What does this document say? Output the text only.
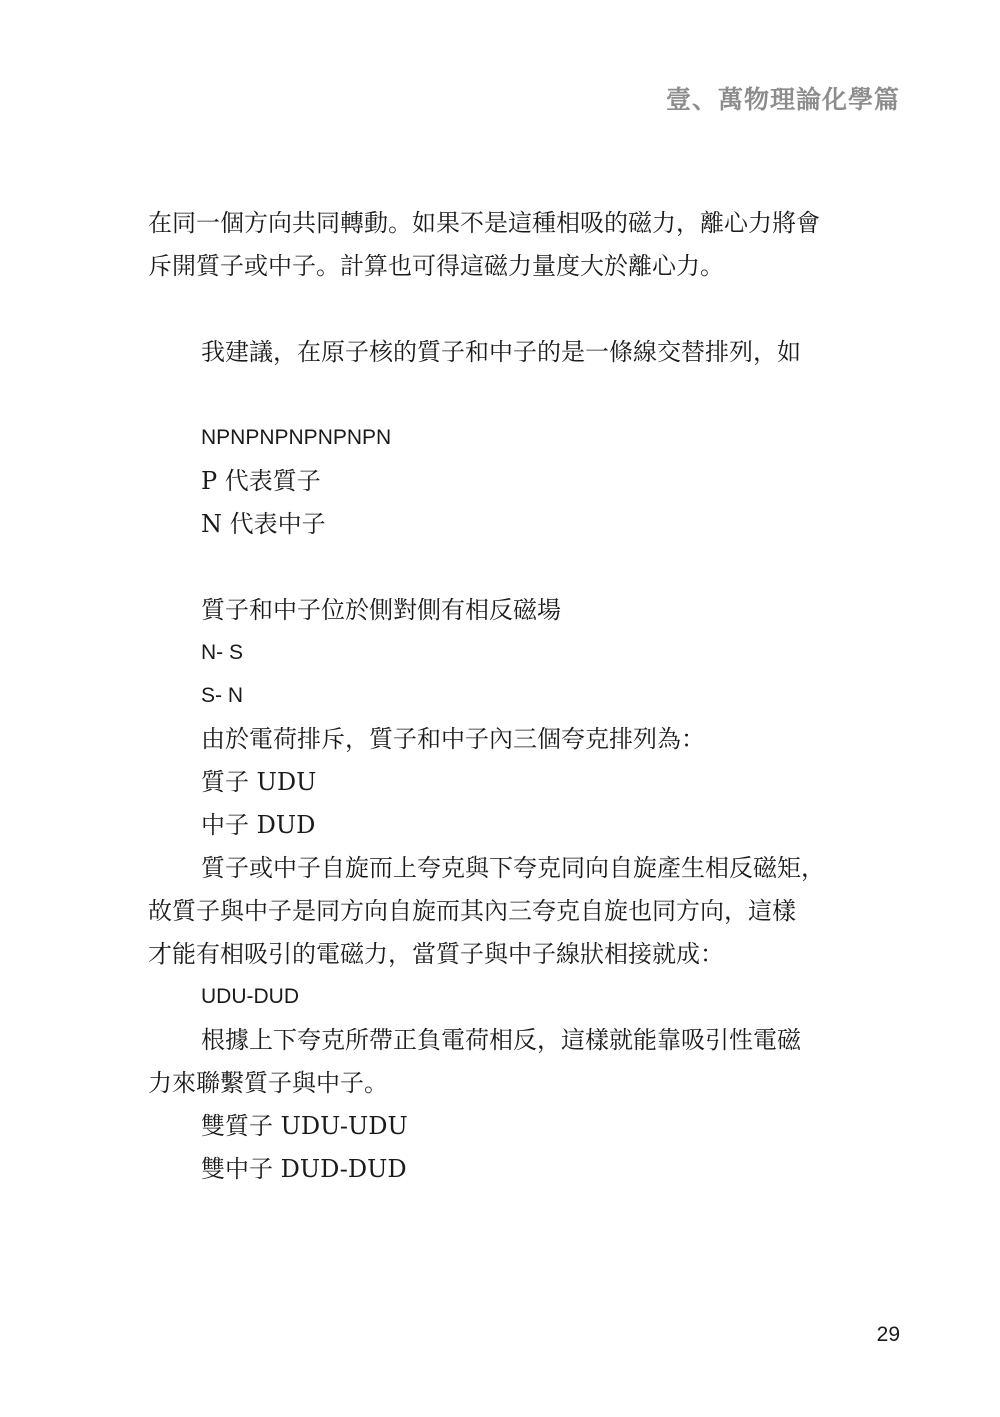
壹、萬物理論化學篇
在同一個方向共同轉動。如果不是這種相吸的磁力，離心力將會
斥開質子或中子。計算也可得這磁力量度大於離心力。
我建議，在原子核的質子和中子的是一條線交替排列，如
NPNPNPNPNPNPN
P 代表質子
N 代表中子
質子和中子位於側對側有相反磁場
N- S
S- N
由於電荷排斥，質子和中子內三個夸克排列為：
質子 UDU
中子 DUD
質子或中子自旋而上夸克與下夸克同向自旋產生相反磁矩，
故質子與中子是同方向自旋而其內三夸克自旋也同方向，這樣
才能有相吸引的電磁力，當質子與中子線狀相接就成：
UDU-DUD
根據上下夸克所帶正負電荷相反，這樣就能靠吸引性電磁
力來聯繫質子與中子。
雙質子 UDU-UDU
雙中子 DUD-DUD
29
